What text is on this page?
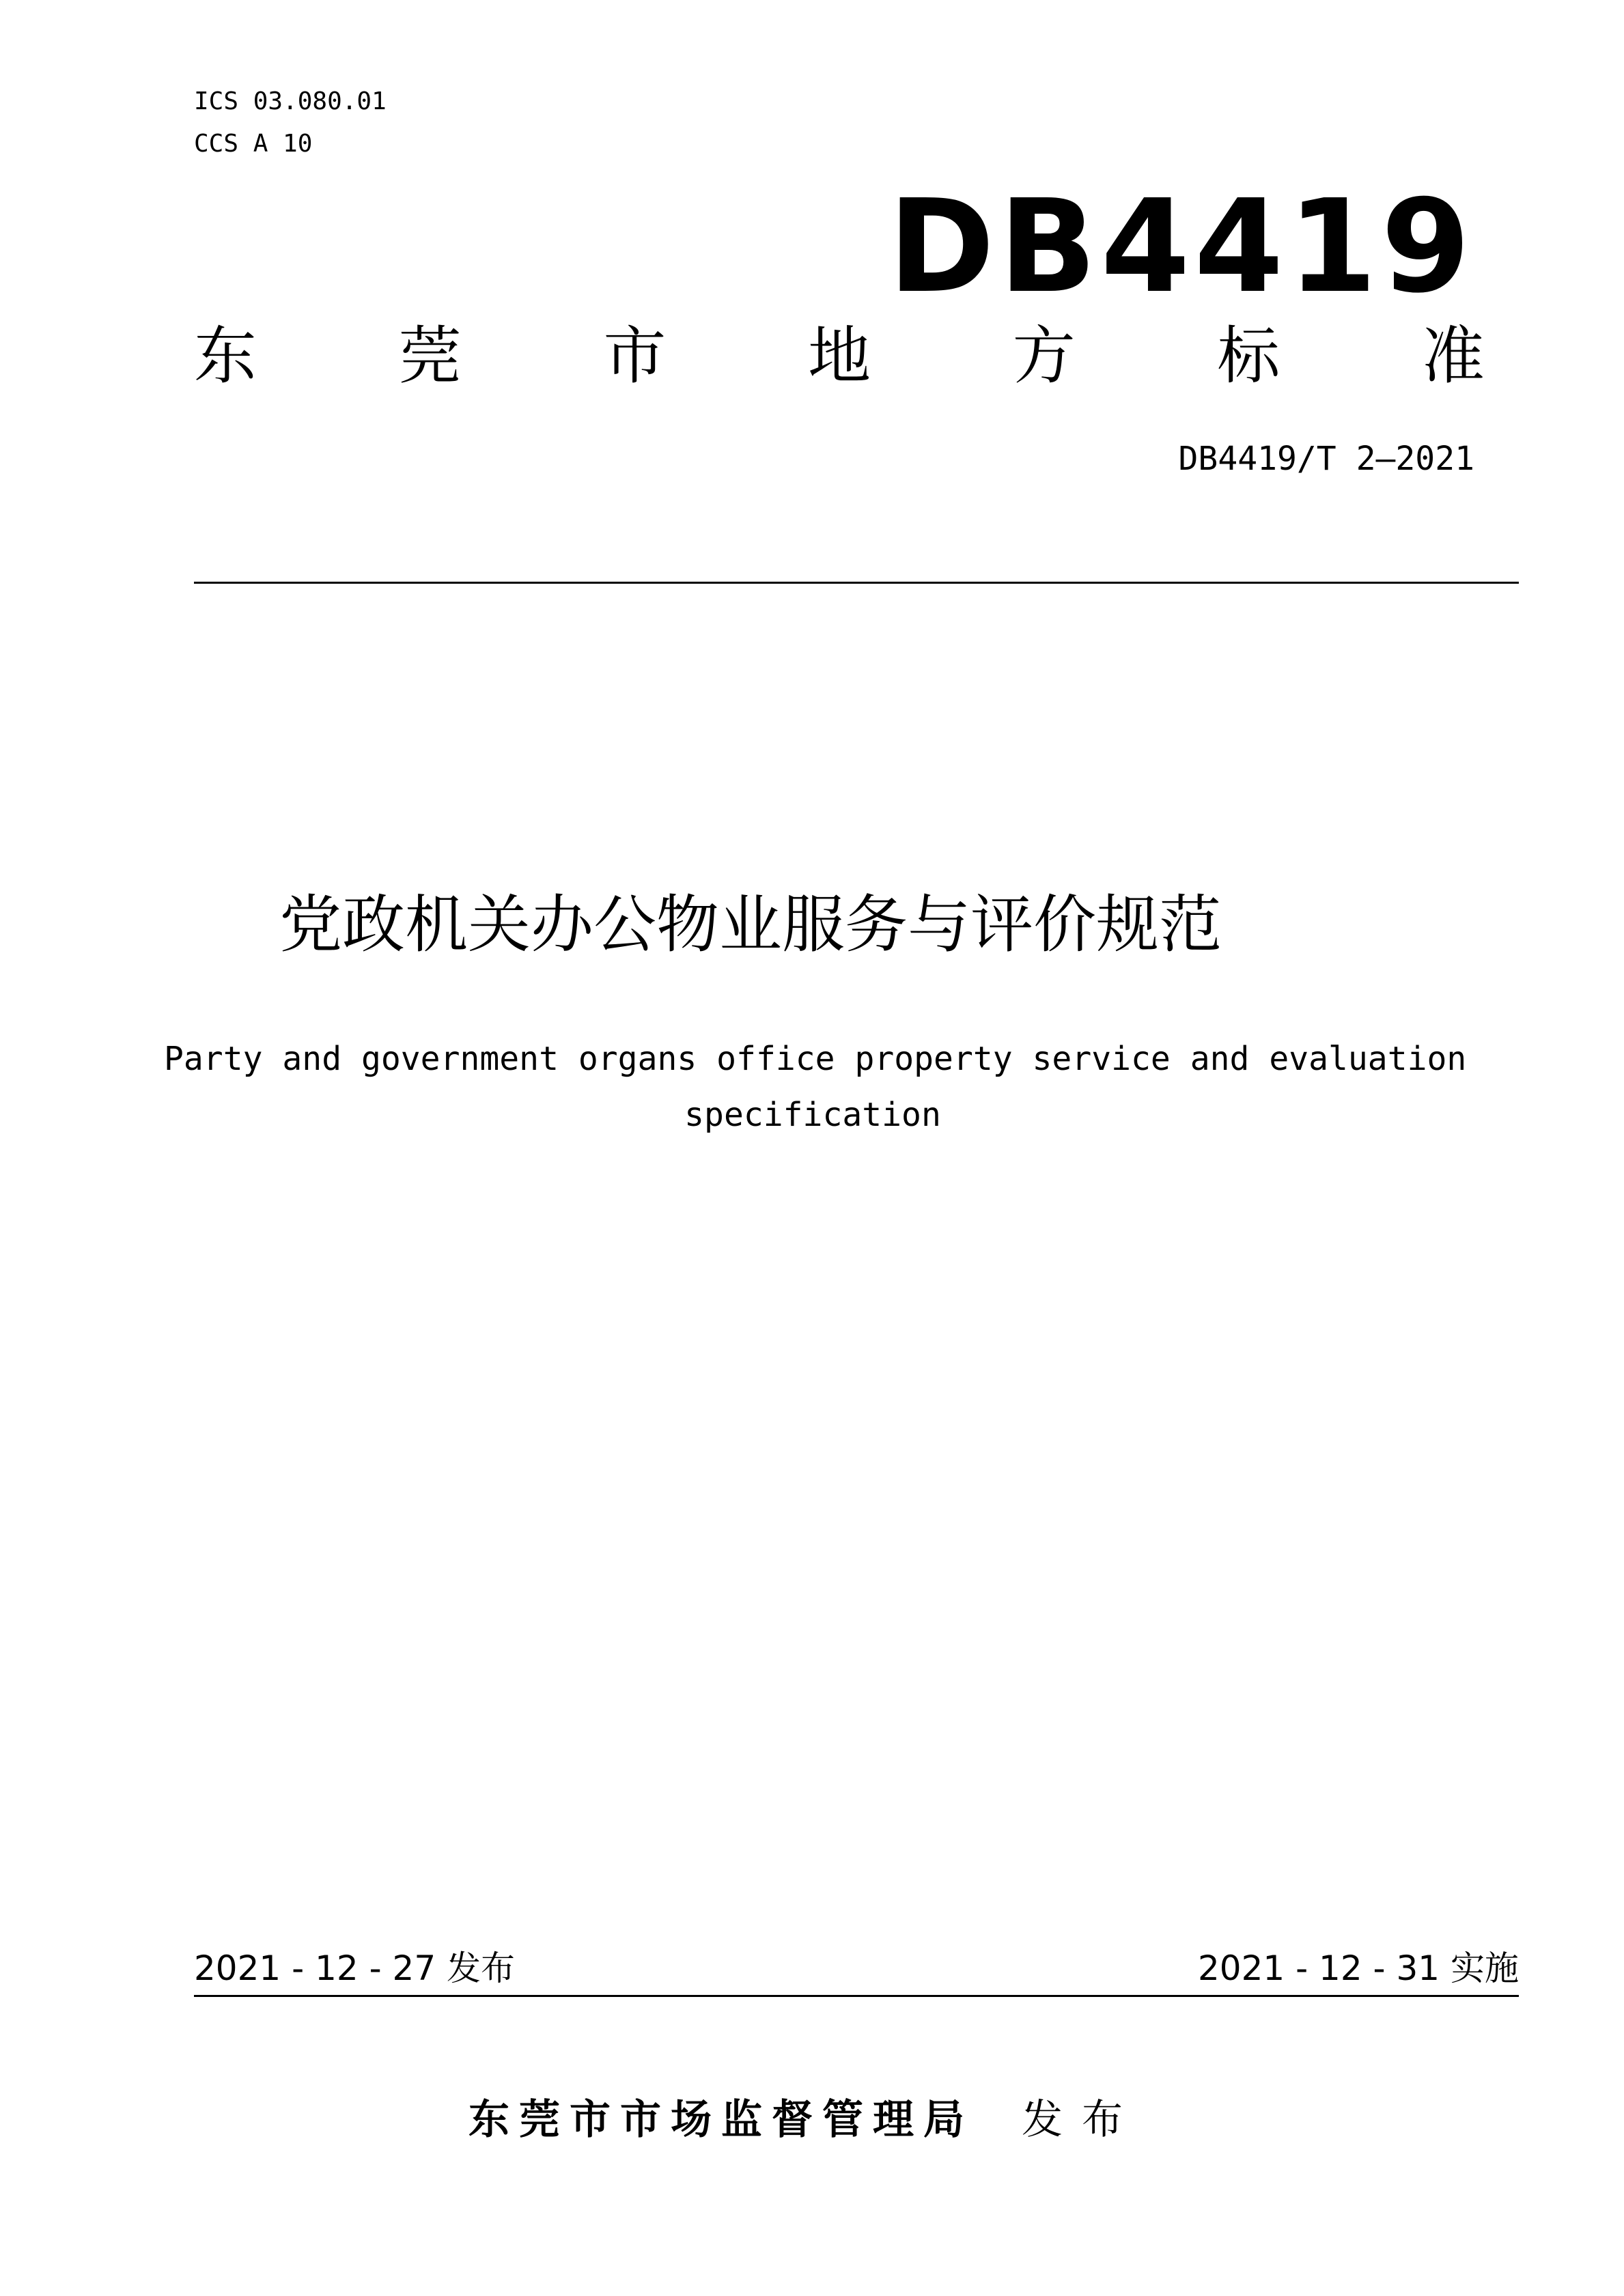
ICS 03.080.01
CCS A 10
DB4419
东 莞 市 地 方 标 准
DB4419/T 2—2021
党政机关办公物业服务与评价规范
Party and government organs office property service and evaluation
specification
2021 - 12 - 27 发布	2021 - 12 - 31 实施
东莞市市场监督管理局 发布
